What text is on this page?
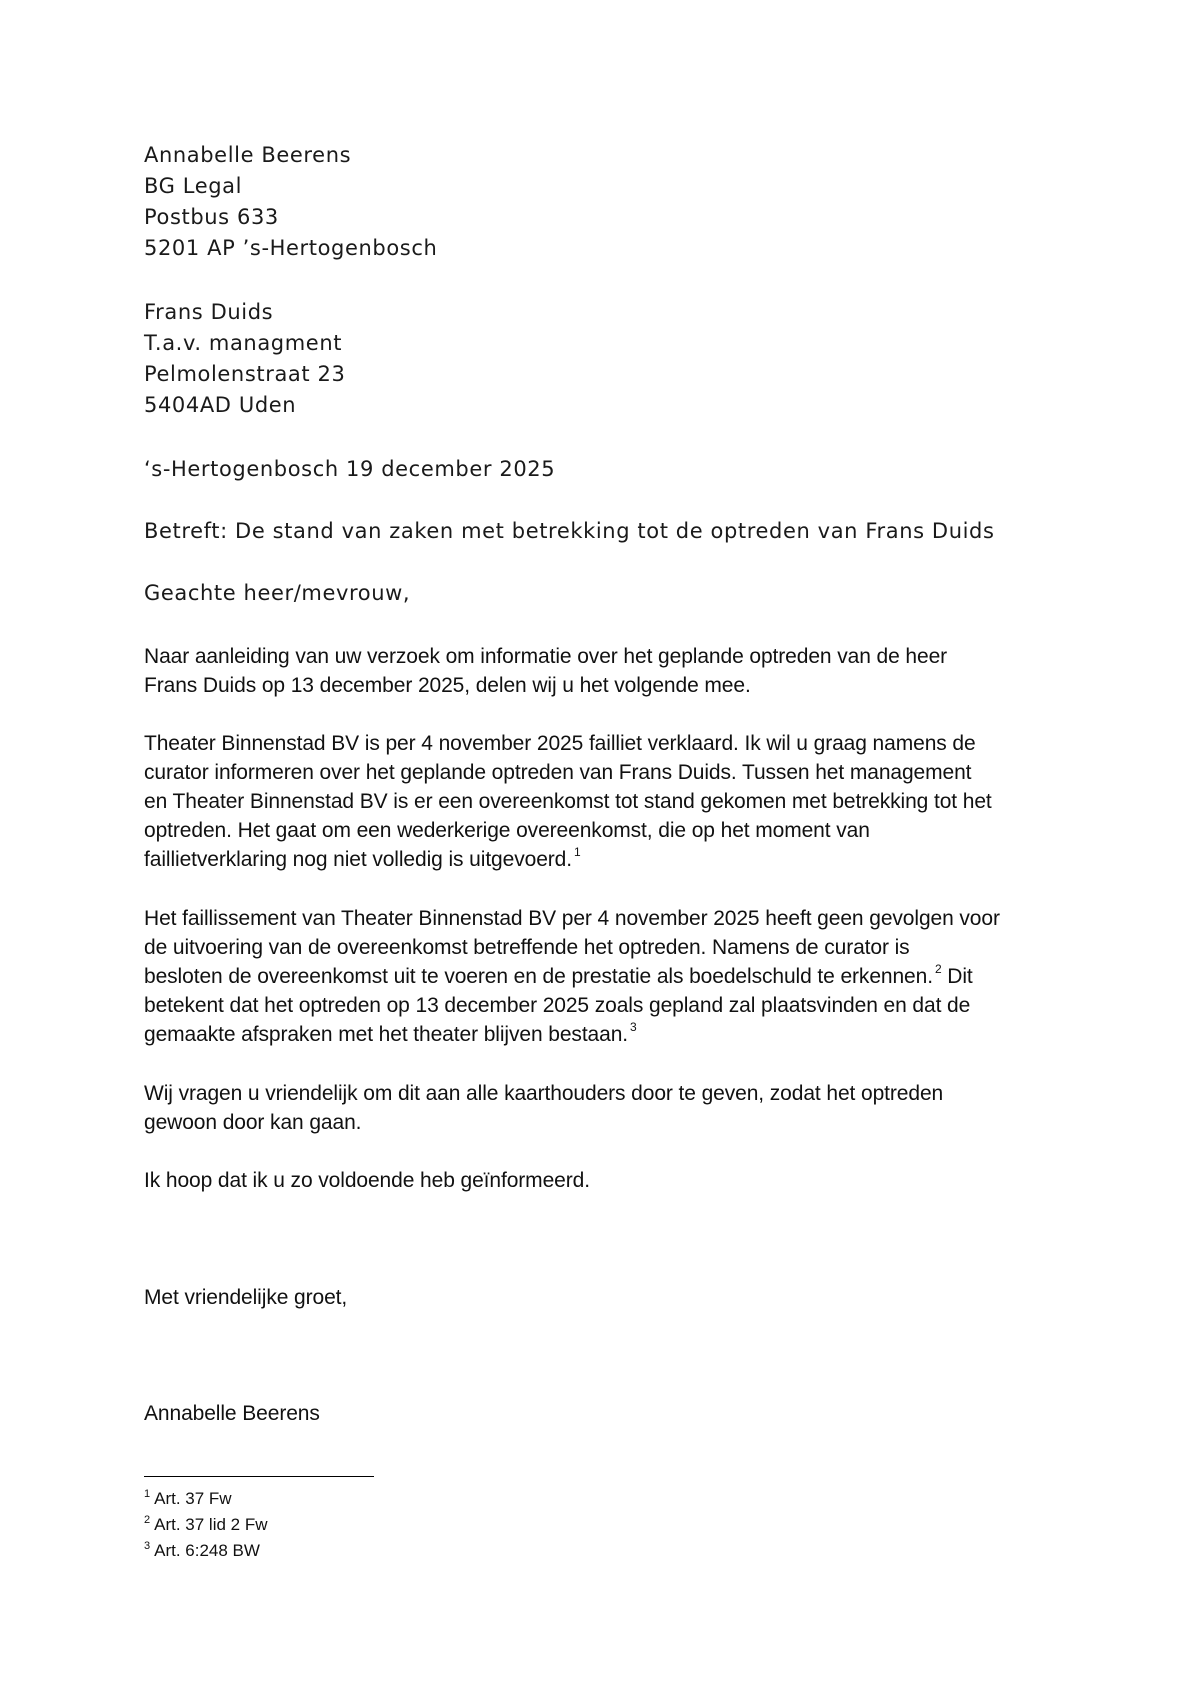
Annabelle Beerens
BG Legal
Postbus 633
5201 AP ’s-Hertogenbosch
Frans Duids
T.a.v. managment
Pelmolenstraat 23
5404AD Uden
‘s-Hertogenbosch 19 december 2025
Betreft: De stand van zaken met betrekking tot de optreden van Frans Duids
Geachte heer/mevrouw,
Naar aanleiding van uw verzoek om informatie over het geplande optreden van de heer
Frans Duids op 13 december 2025, delen wij u het volgende mee.
Theater Binnenstad BV is per 4 november 2025 failliet verklaard. Ik wil u graag namens de
curator informeren over het geplande optreden van Frans Duids. Tussen het management
en Theater Binnenstad BV is er een overeenkomst tot stand gekomen met betrekking tot het
optreden. Het gaat om een wederkerige overeenkomst, die op het moment van
faillietverklaring nog niet volledig is uitgevoerd. $^1$
Het faillissement van Theater Binnenstad BV per 4 november 2025 heeft geen gevolgen voor
de uitvoering van de overeenkomst betreffende het optreden. Namens de curator is
besloten de overeenkomst uit te voeren en de prestatie als boedelschuld te erkennen. $^2$ Dit
betekent dat het optreden op 13 december 2025 zoals gepland zal plaatsvinden en dat de
gemaakte afspraken met het theater blijven bestaan. $^3$
Wij vragen u vriendelijk om dit aan alle kaarthouders door te geven, zodat het optreden
gewoon door kan gaan.
Ik hoop dat ik u zo voldoende heb geïnformeerd.
Met vriendelijke groet,
Annabelle Beerens
$^1$ Art. 37 Fw
$^2$ Art. 37 lid 2 Fw
$^3$ Art. 6:248 BW
